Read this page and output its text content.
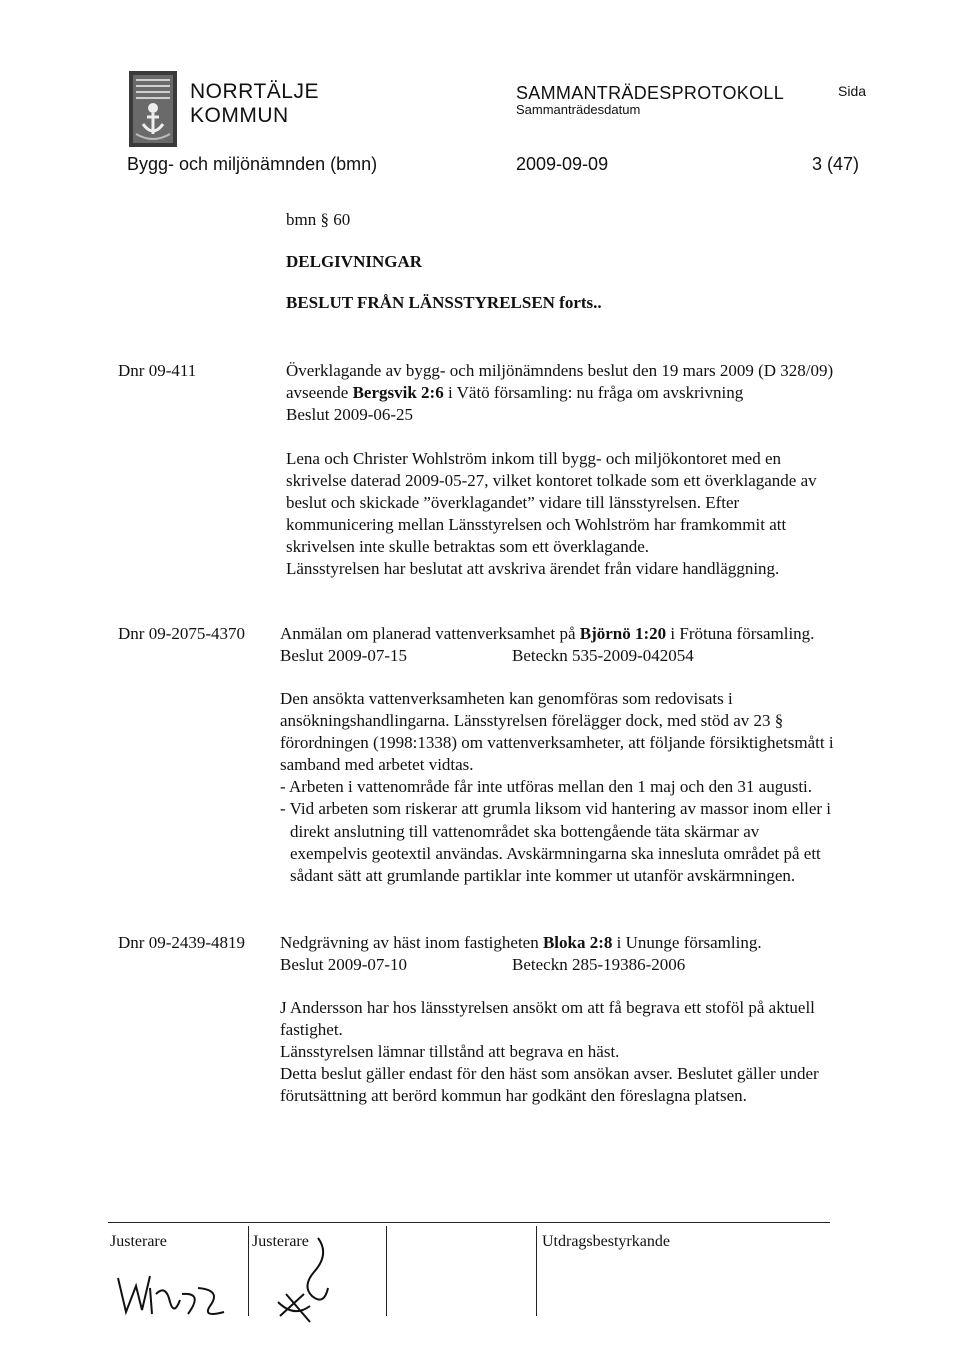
NORRTÄLJE
KOMMUN
SAMMANTRÄDESPROTOKOLL
Sammanträdesdatum
Sida
Bygg- och miljönämnden (bmn)	2009-09-09	3 (47)
bmn § 60
DELGIVNINGAR
BESLUT FRÅN LÄNSSTYRELSEN forts..
Dnr 09-411	Överklagande av bygg- och miljönämndens beslut den 19 mars 2009 (D 328/09)
avseende Bergsvik 2:6 i Vätö församling: nu fråga om avskrivning
Beslut 2009-06-25
Lena och Christer Wohlström inkom till bygg- och miljökontoret med en
skrivelse daterad 2009-05-27, vilket kontoret tolkade som ett överklagande av
beslut och skickade ”överklagandet” vidare till länsstyrelsen. Efter
kommunicering mellan Länsstyrelsen och Wohlström har framkommit att
skrivelsen inte skulle betraktas som ett överklagande.
Länsstyrelsen har beslutat att avskriva ärendet från vidare handläggning.
Dnr 09-2075-4370 Anmälan om planerad vattenverksamhet på Björnö 1:20 i Frötuna församling.
Beslut 2009-07-15	Beteckn 535-2009-042054
Den ansökta vattenverksamheten kan genomföras som redovisats i
ansökningshandlingarna. Länsstyrelsen förelägger dock, med stöd av 23 §
förordningen (1998:1338) om vattenverksamheter, att följande försiktighetsmått i
samband med arbetet vidtas.
- Arbeten i vattenområde får inte utföras mellan den 1 maj och den 31 augusti.
- Vid arbeten som riskerar att grumla liksom vid hantering av massor inom eller i
direkt anslutning till vattenområdet ska bottengående täta skärmar av
exempelvis geotextil användas. Avskärmningarna ska innesluta området på ett
sådant sätt att grumlande partiklar inte kommer ut utanför avskärmningen.
Dnr 09-2439-4819 Nedgrävning av häst inom fastigheten Bloka 2:8 i Ununge församling.
Beslut 2009-07-10	Beteckn 285-19386-2006
J Andersson har hos länsstyrelsen ansökt om att få begrava ett stoföl på aktuell
fastighet.
Länsstyrelsen lämnar tillstånd att begrava en häst.
Detta beslut gäller endast för den häst som ansökan avser. Beslutet gäller under
förutsättning att berörd kommun har godkänt den föreslagna platsen.
Justerare	Justerare	Utdragsbestyrkande
